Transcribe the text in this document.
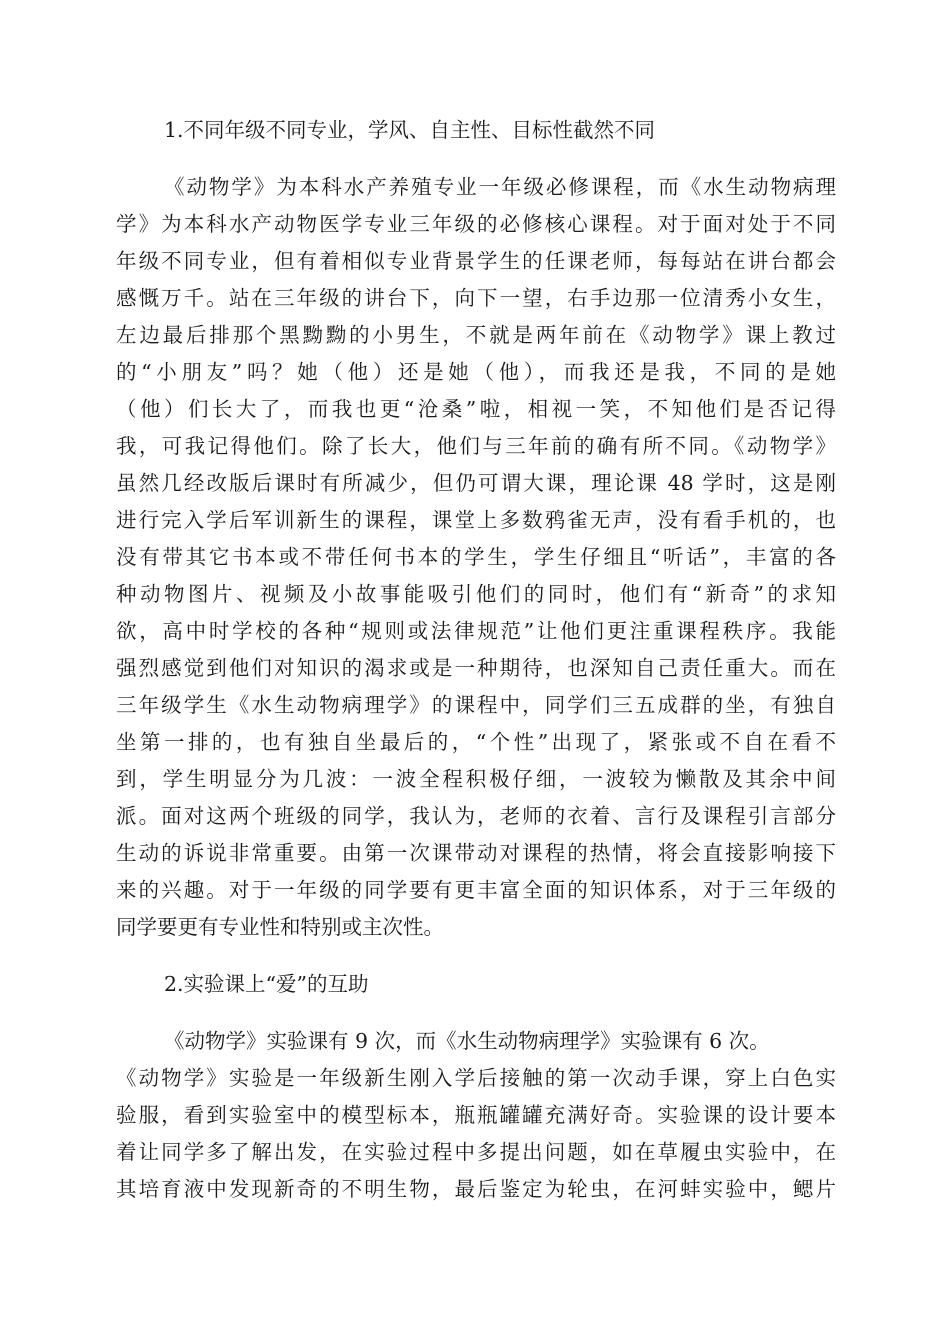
1.不同年级不同专业，学风、自主性、目标性截然不同
《动物学》为本科水产养殖专业一年级必修课程，而《水生动物病理
学》为本科水产动物医学专业三年级的必修核心课程。对于面对处于不同
年级不同专业，但有着相似专业背景学生的任课老师，每每站在讲台都会
感慨万千。站在三年级的讲台下，向下一望，右手边那一位清秀小女生，
左边最后排那个黑黝黝的小男生，不就是两年前在《动物学》课上教过
的“小朋友”吗？她（他）还是她（他），而我还是我，不同的是她
（他）们长大了，而我也更“沧桑”啦，相视一笑，不知他们是否记得
我，可我记得他们。除了长大，他们与三年前的确有所不同。《动物学》
虽然几经改版后课时有所减少，但仍可谓大课，理论课 48 学时，这是刚
进行完入学后军训新生的课程，课堂上多数鸦雀无声，没有看手机的，也
没有带其它书本或不带任何书本的学生，学生仔细且“听话”，丰富的各
种动物图片、视频及小故事能吸引他们的同时，他们有“新奇”的求知
欲，高中时学校的各种“规则或法律规范”让他们更注重课程秩序。我能
强烈感觉到他们对知识的渴求或是一种期待，也深知自己责任重大。而在
三年级学生《水生动物病理学》的课程中，同学们三五成群的坐，有独自
坐第一排的，也有独自坐最后的，“个性”出现了，紧张或不自在看不
到，学生明显分为几波：一波全程积极仔细，一波较为懒散及其余中间
派。面对这两个班级的同学，我认为，老师的衣着、言行及课程引言部分
生动的诉说非常重要。由第一次课带动对课程的热情，将会直接影响接下
来的兴趣。对于一年级的同学要有更丰富全面的知识体系，对于三年级的
同学要更有专业性和特别或主次性。
2.实验课上“爱”的互助
《动物学》实验课有 9 次，而《水生动物病理学》实验课有 6 次。
《动物学》实验是一年级新生刚入学后接触的第一次动手课，穿上白色实
验服，看到实验室中的模型标本，瓶瓶罐罐充满好奇。实验课的设计要本
着让同学多了解出发，在实验过程中多提出问题，如在草履虫实验中，在
其培育液中发现新奇的不明生物，最后鉴定为轮虫，在河蚌实验中，鳃片
